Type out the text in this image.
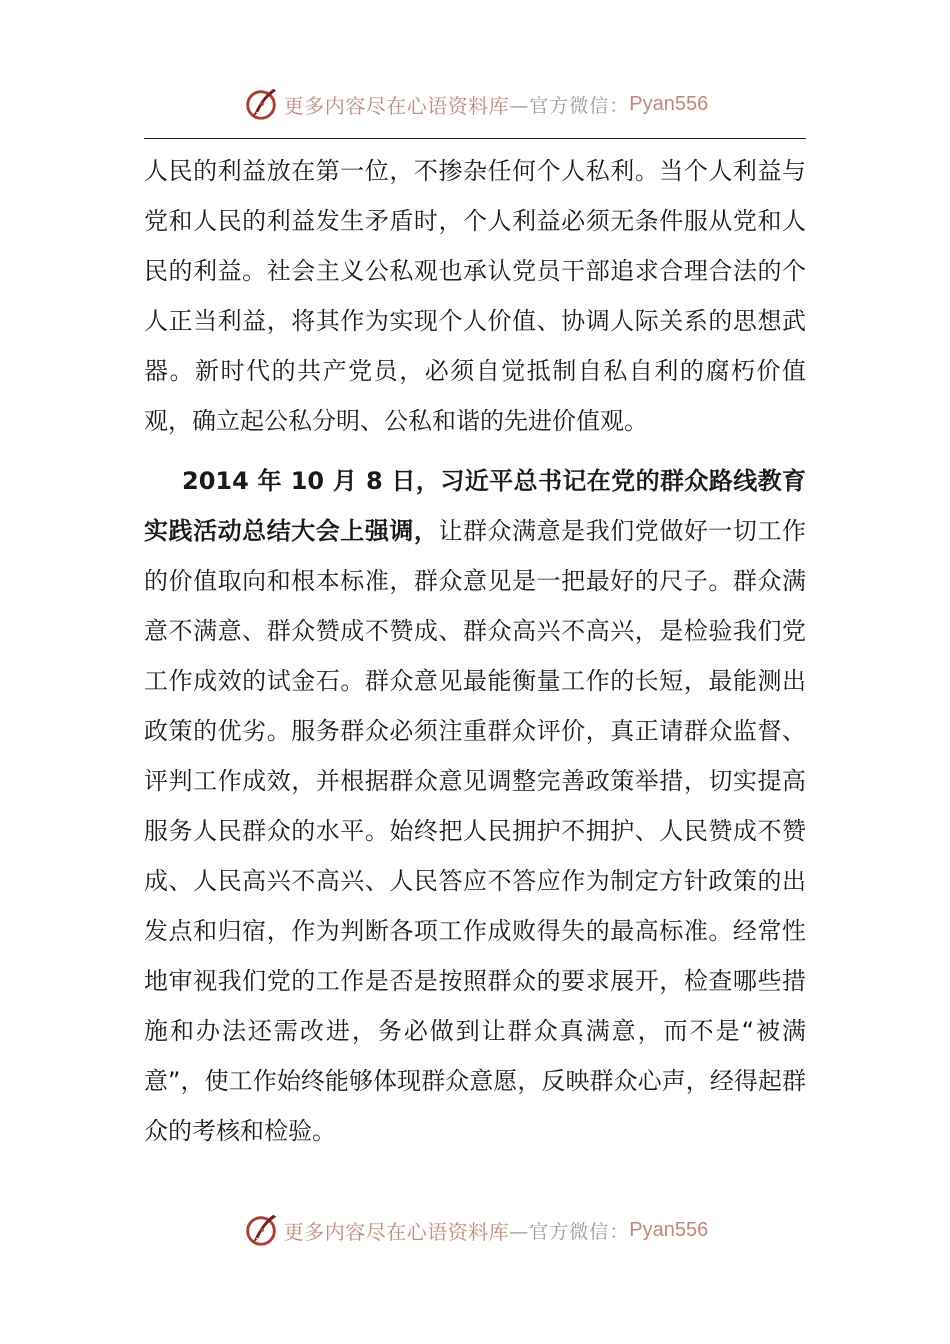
更多内容尽在心语资料库 —官方微信： Pyan556

人民的利益放在第一位，不掺杂任何个人私利。当个人利益与党和人民的利益发生矛盾时，个人利益必须无条件服从党和人民的利益。社会主义公私观也承认党员干部追求合理合法的个人正当利益，将其作为实现个人价值、协调人际关系的思想武器。新时代的共产党员，必须自觉抵制自私自利的腐朽价值观，确立起公私分明、公私和谐的先进价值观。

2014 年 10 月 8 日，习近平总书记在党的群众路线教育实践活动总结大会上强调，让群众满意是我们党做好一切工作的价值取向和根本标准，群众意见是一把最好的尺子。群众满意不满意、群众赞成不赞成、群众高兴不高兴，是检验我们党工作成效的试金石。群众意见最能衡量工作的长短，最能测出政策的优劣。服务群众必须注重群众评价，真正请群众监督、评判工作成效，并根据群众意见调整完善政策举措，切实提高服务人民群众的水平。始终把人民拥护不拥护、人民赞成不赞成、人民高兴不高兴、人民答应不答应作为制定方针政策的出发点和归宿，作为判断各项工作成败得失的最高标准。经常性地审视我们党的工作是否是按照群众的要求展开，检查哪些措施和办法还需改进，务必做到让群众真满意，而不是“被满意”，使工作始终能够体现群众意愿，反映群众心声，经得起群众的考核和检验。

更多内容尽在心语资料库 —官方微信： Pyan556
